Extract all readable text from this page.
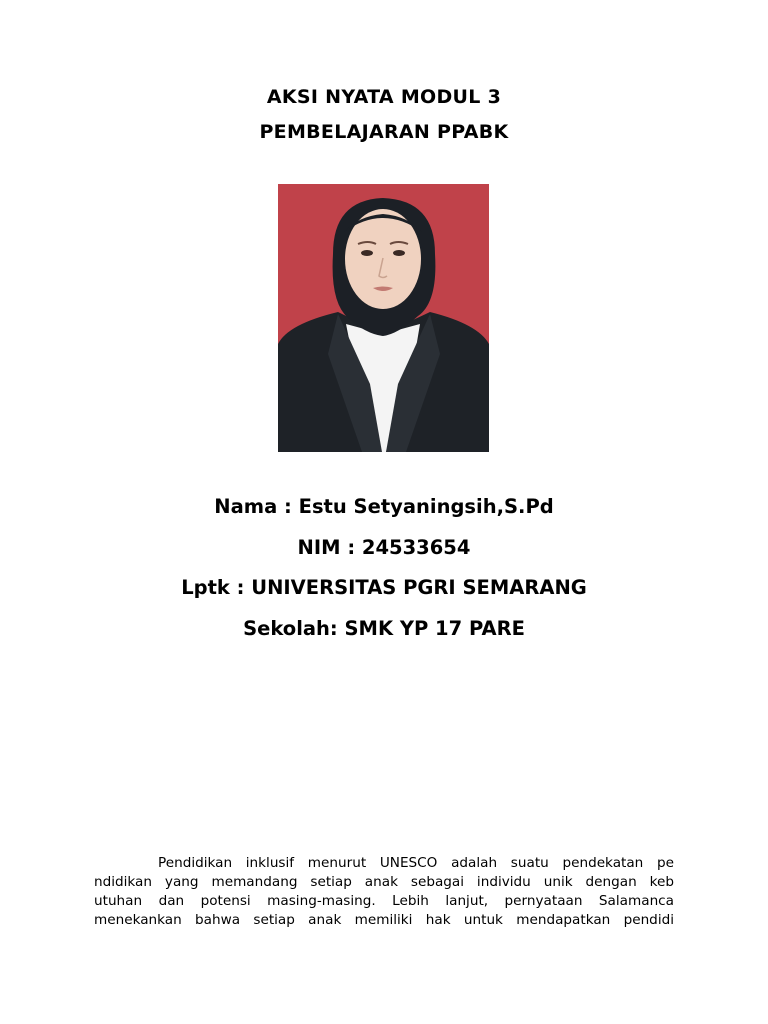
AKSI NYATA MODUL 3
PEMBELAJARAN PPABK

Nama : Estu Setyaningsih,S.Pd

NIM : 24533654

Lptk : UNIVERSITAS PGRI SEMARANG

Sekolah: SMK YP 17 PARE

Pendidikan inklusif menurut UNESCO adalah suatu pendekatan pe
ndidikan yang memandang setiap anak sebagai individu unik dengan keb
utuhan dan potensi masing-masing. Lebih lanjut, pernyataan Salamanca
menekankan bahwa setiap anak memiliki hak untuk mendapatkan pendidi
